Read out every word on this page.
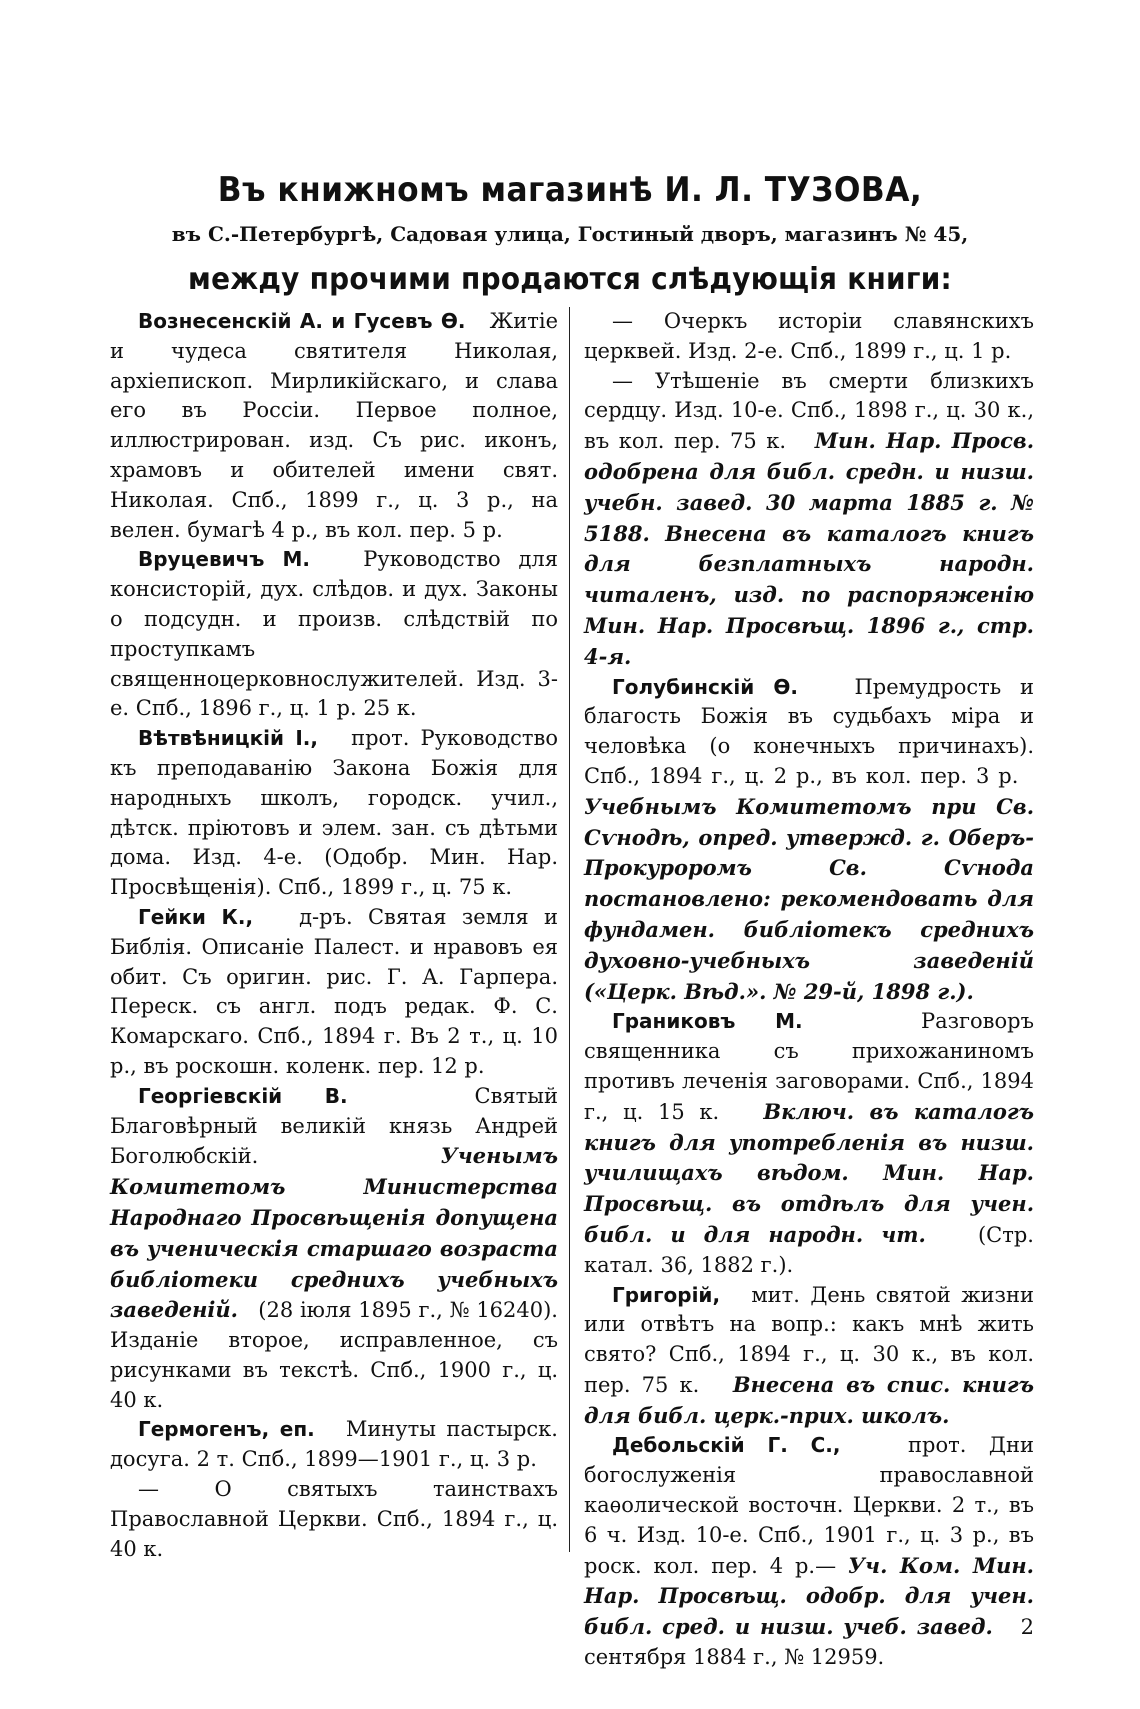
Въ книжномъ магазинѣ И. Л. ТУЗОВА,
въ С.-Петербургѣ, Садовая улица, Гостиный дворъ, магазинъ № 45,
между прочими продаются слѣдующія книги:

Вознесенскій А. и Гусевъ Ѳ. Житіе и чудеса святителя Николая, архіепископ. Мирликійскаго, и слава его въ Россіи. Первое полное, иллюстрирован. изд. Съ рис. иконъ, храмовъ и обителей имени свят. Николая. Спб., 1899 г., ц. 3 р., на велен. бумагѣ 4 р., въ кол. пер. 5 р.

Вруцевичъ М.	Руководство для консисторій, дух. слѣдов. и дух. Законы о подсудн. и произв. слѣдствій по проступкамъ священноцерковнослужителей. Изд. 3-е. Спб., 1896 г., ц. 1 р. 25 к.

Вѣтвѣницкій І., прот. Руководство къ преподаванію Закона Божія для народныхъ школъ, городск. учил., дѣтск. пріютовъ и элем. зан. съ дѣтьми дома. Изд. 4-е. (Одобр. Мин. Нар. Просвѣщенія). Спб., 1899 г., ц. 75 к.

Гейки К., д-ръ. Святая земля и Библія. Описаніе Палест. и нравовъ ея обит. Съ оригин. рис. Г. А. Гарпера. Переск. съ англ. подъ редак. Ф. С. Комарскаго. Спб., 1894 г. Въ 2 т., ц. 10 р., въ роскошн. коленк. пер. 12 р.

Георгіевскій В.	Святый Благовѣрный великій князь Андрей Боголюбскій.	Ученымъ Комитетомъ Министерства Народнаго Просвѣщенія допущена въ ученическія старшаго возраста библіотеки среднихъ учебныхъ заведеній. (28 іюля 1895 г., № 16240). Изданіе второе, исправленное, съ рисунками въ текстѣ. Спб., 1900 г., ц. 40 к.

Гермогенъ, еп. Минуты пастырск. досуга. 2 т. Спб., 1899—1901 г., ц. 3 р.

— О святыхъ таинствахъ Православной Церкви. Спб., 1894 г., ц. 40 к.

— Очеркъ исторіи славянскихъ церквей. Изд. 2-е. Спб., 1899 г., ц. 1 р.

— Утѣшеніе въ смерти близкихъ сердцу. Изд. 10-е. Спб., 1898 г., ц. 30 к., въ кол. пер. 75 к. Мин. Нар. Просв. одобрена для библ. средн. и низш. учебн. завед. 30 марта 1885 г. № 5188. Внесена въ каталогъ книгъ для безплатныхъ народн. читаленъ, изд. по распоряженію Мин. Нар. Просвѣщ. 1896 г., стр. 4-я.

Голубинскій Ѳ.	Премудрость и благость Божія въ судьбахъ міра и человѣка (о конечныхъ причинахъ). Спб., 1894 г., ц. 2 р., въ кол. пер. 3 р.   Учебнымъ Комитетомъ при Св. Сѵнодѣ, опред. утвержд. г. Оберъ-Прокуроромъ Св. Сѵнода постановлено: рекомендовать для фундамен. библіотекъ среднихъ духовно-учебныхъ заведеній («Церк. Вѣд.». № 29-й, 1898 г.).

Граниковъ М.	Разговоръ священника съ прихожаниномъ противъ леченія заговорами. Спб., 1894 г., ц. 15 к. Включ. въ каталогъ книгъ для употребленія въ низш. училищахъ вѣдом. Мин. Нар. Просвѣщ. въ отдѣлъ для учен. библ. и для народн. чт. (Стр. катал. 36, 1882 г.).

Григорій, мит. День святой жизни или отвѣтъ на вопр.: какъ мнѣ жить свято? Спб., 1894 г., ц. 30 к., въ кол. пер. 75 к. Внесена въ спис. книгъ для библ. церк.-прих. школъ.

Дебольскій Г. С.,	прот. Дни богослуженія православной каѳолической восточн. Церкви. 2 т., въ 6 ч. Изд. 10-е. Спб., 1901 г., ц. 3 р., въ роск. кол. пер. 4 р.— Уч. Ком. Мин. Нар. Просвѣщ. одобр. для учен. библ. сред. и низш. учеб. завед. 2 сентября 1884 г., № 12959.
